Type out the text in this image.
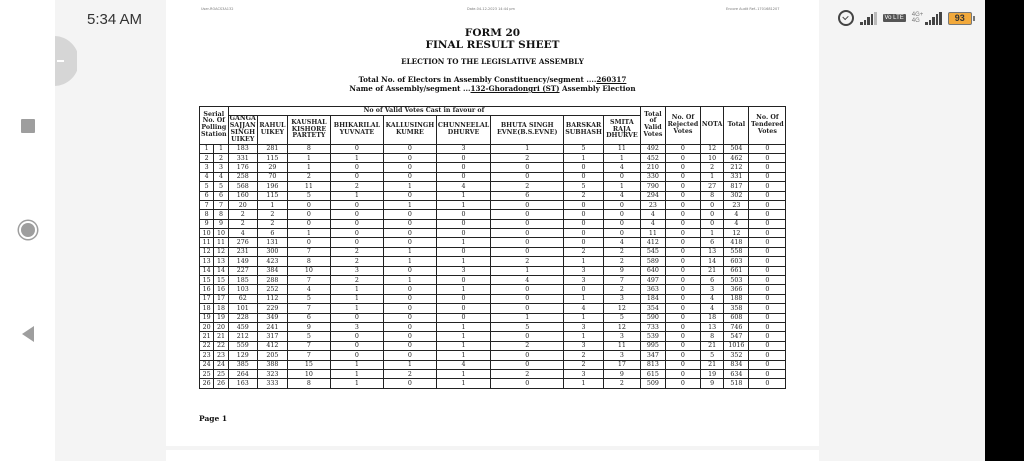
5:34 AM	Vo LTE	4G+
4G	93
User-ROACS3A132	Date-04-12-2023 14:44 pm	Encore Audit Ref.-1701681207
FORM 20
FINAL RESULT SHEET
ELECTION TO THE LEGISLATIVE ASSEMBLY
Total No. of Electors in Assembly Constituency/segment ....260317
Name of Assembly/segment ...132-Ghoradongri (ST) Assembly Election
Serial No. Of Polling Station		No of Valid Votes Cast in favour of									Total of Valid Votes	No. Of Rejected Votes	NOTA	Total	No. Of Tendered Votes
		GANGA SAJJAN SINGH UIKEY	RAHUL UIKEY	KAUSHAL KISHORE PARTETY	BHIKARILAL YUVNATE	KALLUSINGH KUMRE	CHUNNEELAL DHURVE	BHUTA SINGH EVNE(B.S.EVNE)	BARSKAR SUBHASH	SMITA RAJA DHURVE					
1	1	183	281	8	0	0	3	1	5	11	492	0	12	504	0
2	2	331	115	1	1	0	0	2	1	1	452	0	10	462	0
3	3	176	29	1	0	0	0	0	0	4	210	0	2	212	0
4	4	258	70	2	0	0	0	0	0	0	330	0	1	331	0
5	5	568	196	11	2	1	4	2	5	1	790	0	27	817	0
6	6	160	115	5	1	0	1	6	2	4	294	0	8	302	0
7	7	20	1	0	0	1	1	0	0	0	23	0	0	23	0
8	8	2	2	0	0	0	0	0	0	0	4	0	0	4	0
9	9	2	2	0	0	0	0	0	0	0	4	0	0	4	0
10	10	4	6	1	0	0	0	0	0	0	11	0	1	12	0
11	11	276	131	0	0	0	1	0	0	4	412	0	6	418	0
12	12	231	300	7	2	1	0	0	2	2	545	0	13	558	0
13	13	149	423	8	2	1	1	2	1	2	589	0	14	603	0
14	14	227	384	10	3	0	3	1	3	9	640	0	21	661	0
15	15	185	288	7	2	1	0	4	3	7	497	0	6	503	0
16	16	103	252	4	1	0	1	0	0	2	363	0	3	366	0
17	17	62	112	5	1	0	0	0	1	3	184	0	4	188	0
18	18	101	229	7	1	0	0	0	4	12	354	0	4	358	0
19	19	228	349	6	0	0	0	1	1	5	590	0	18	608	0
20	20	459	241	9	3	0	1	5	3	12	733	0	13	746	0
21	21	212	317	5	0	0	1	0	1	3	539	0	8	547	0
22	22	559	412	7	0	0	1	2	3	11	995	0	21	1016	0
23	23	129	205	7	0	0	1	0	2	3	347	0	5	352	0
24	24	385	388	15	1	1	4	0	2	17	813	0	21	834	0
25	25	264	323	10	1	2	1	2	3	9	615	0	19	634	0
26	26	163	333	8	1	0	1	0	1	2	509	0	9	518	0
Page 1
